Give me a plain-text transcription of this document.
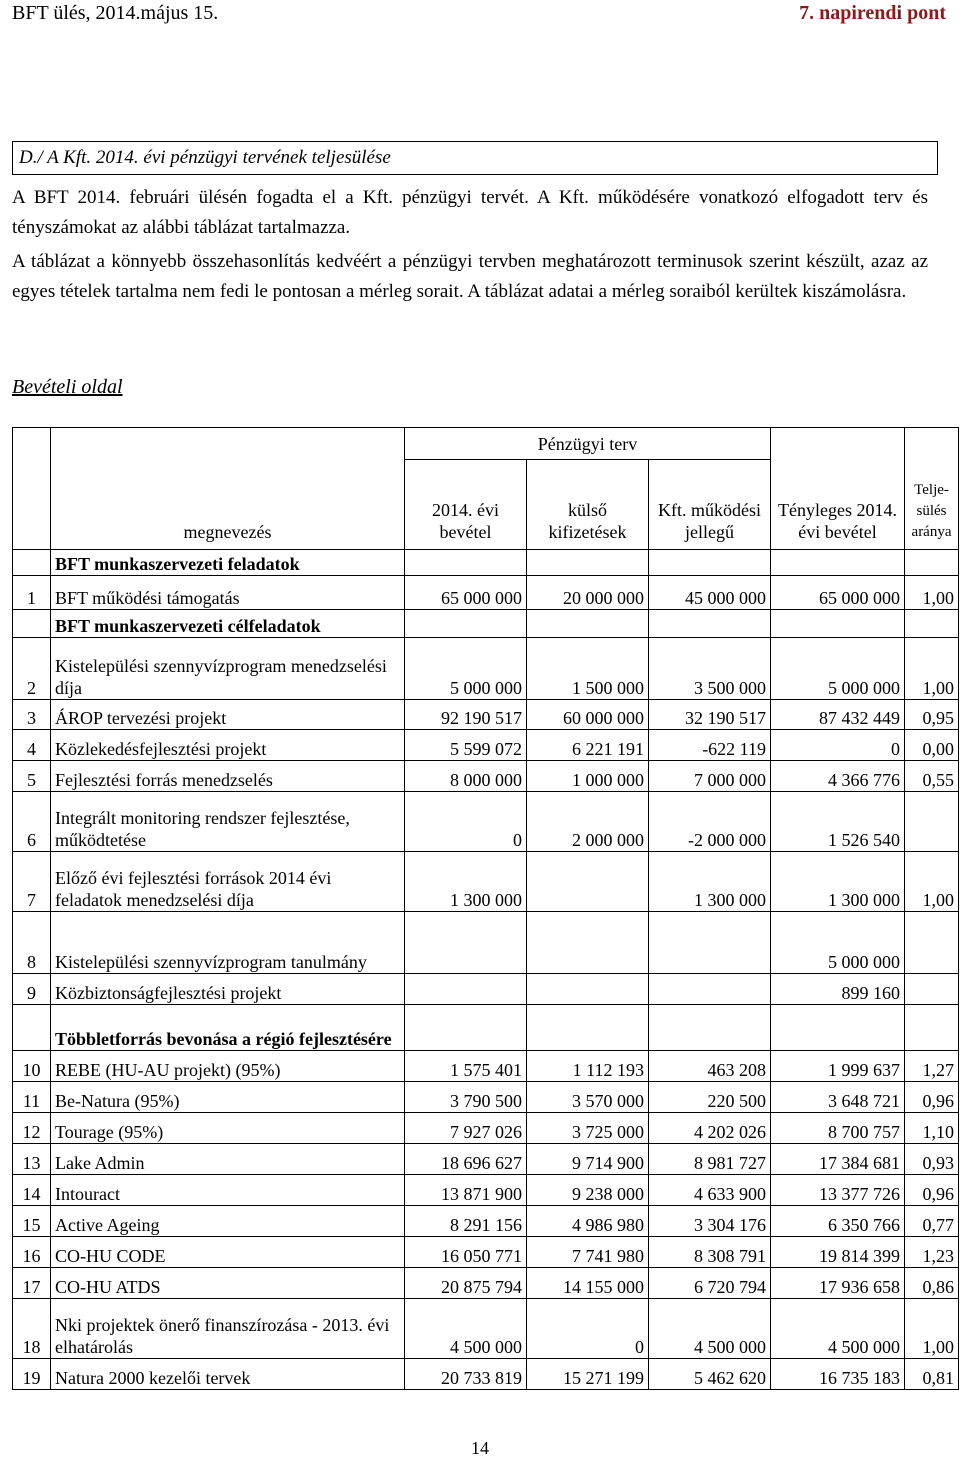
BFT ülés, 2014.május 15.	7. napirendi pont
D./ A Kft. 2014. évi pénzügyi tervének teljesülése
A BFT 2014. februári ülésén fogadta el a Kft. pénzügyi tervét. A Kft. működésére vonatkozó elfogadott terv és tényszámokat az alábbi táblázat tartalmazza.
A táblázat a könnyebb összehasonlítás kedvéért a pénzügyi tervben meghatározott terminusok szerint készült, azaz az egyes tételek tartalma nem fedi le pontosan a mérleg sorait. A táblázat adatai a mérleg soraiból kerültek kiszámolásra.
Bevételi oldal
	megnevezés	Pénzügyi terv			Tényleges 2014. évi bevétel	Telje-sülés aránya
		2014. évi bevétel	külső kifizetések	Kft. működési jellegű		
	BFT munkaszervezeti feladatok					
1	BFT működési támogatás	65 000 000	20 000 000	45 000 000	65 000 000	1,00
	BFT munkaszervezeti célfeladatok					
2	Kistelepülési szennyvízprogram menedzselési díja	5 000 000	1 500 000	3 500 000	5 000 000	1,00
3	ÁROP tervezési projekt	92 190 517	60 000 000	32 190 517	87 432 449	0,95
4	Közlekedésfejlesztési projekt	5 599 072	6 221 191	-622 119	0	0,00
5	Fejlesztési forrás menedzselés	8 000 000	1 000 000	7 000 000	4 366 776	0,55
6	Integrált monitoring rendszer fejlesztése, működtetése	0	2 000 000	-2 000 000	1 526 540	
7	Előző évi fejlesztési források 2014 évi feladatok menedzselési díja	1 300 000		1 300 000	1 300 000	1,00
8	Kistelepülési szennyvízprogram tanulmány				5 000 000	
9	Közbiztonságfejlesztési projekt				899 160	
	Többletforrás bevonása a régió fejlesztésére					
10	REBE (HU-AU projekt) (95%)	1 575 401	1 112 193	463 208	1 999 637	1,27
11	Be-Natura (95%)	3 790 500	3 570 000	220 500	3 648 721	0,96
12	Tourage (95%)	7 927 026	3 725 000	4 202 026	8 700 757	1,10
13	Lake Admin	18 696 627	9 714 900	8 981 727	17 384 681	0,93
14	Intouract	13 871 900	9 238 000	4 633 900	13 377 726	0,96
15	Active Ageing	8 291 156	4 986 980	3 304 176	6 350 766	0,77
16	CO-HU CODE	16 050 771	7 741 980	8 308 791	19 814 399	1,23
17	CO-HU ATDS	20 875 794	14 155 000	6 720 794	17 936 658	0,86
18	Nki projektek önerő finanszírozása - 2013. évi elhatárolás	4 500 000	0	4 500 000	4 500 000	1,00
19	Natura 2000 kezelői tervek	20 733 819	15 271 199	5 462 620	16 735 183	0,81
14
